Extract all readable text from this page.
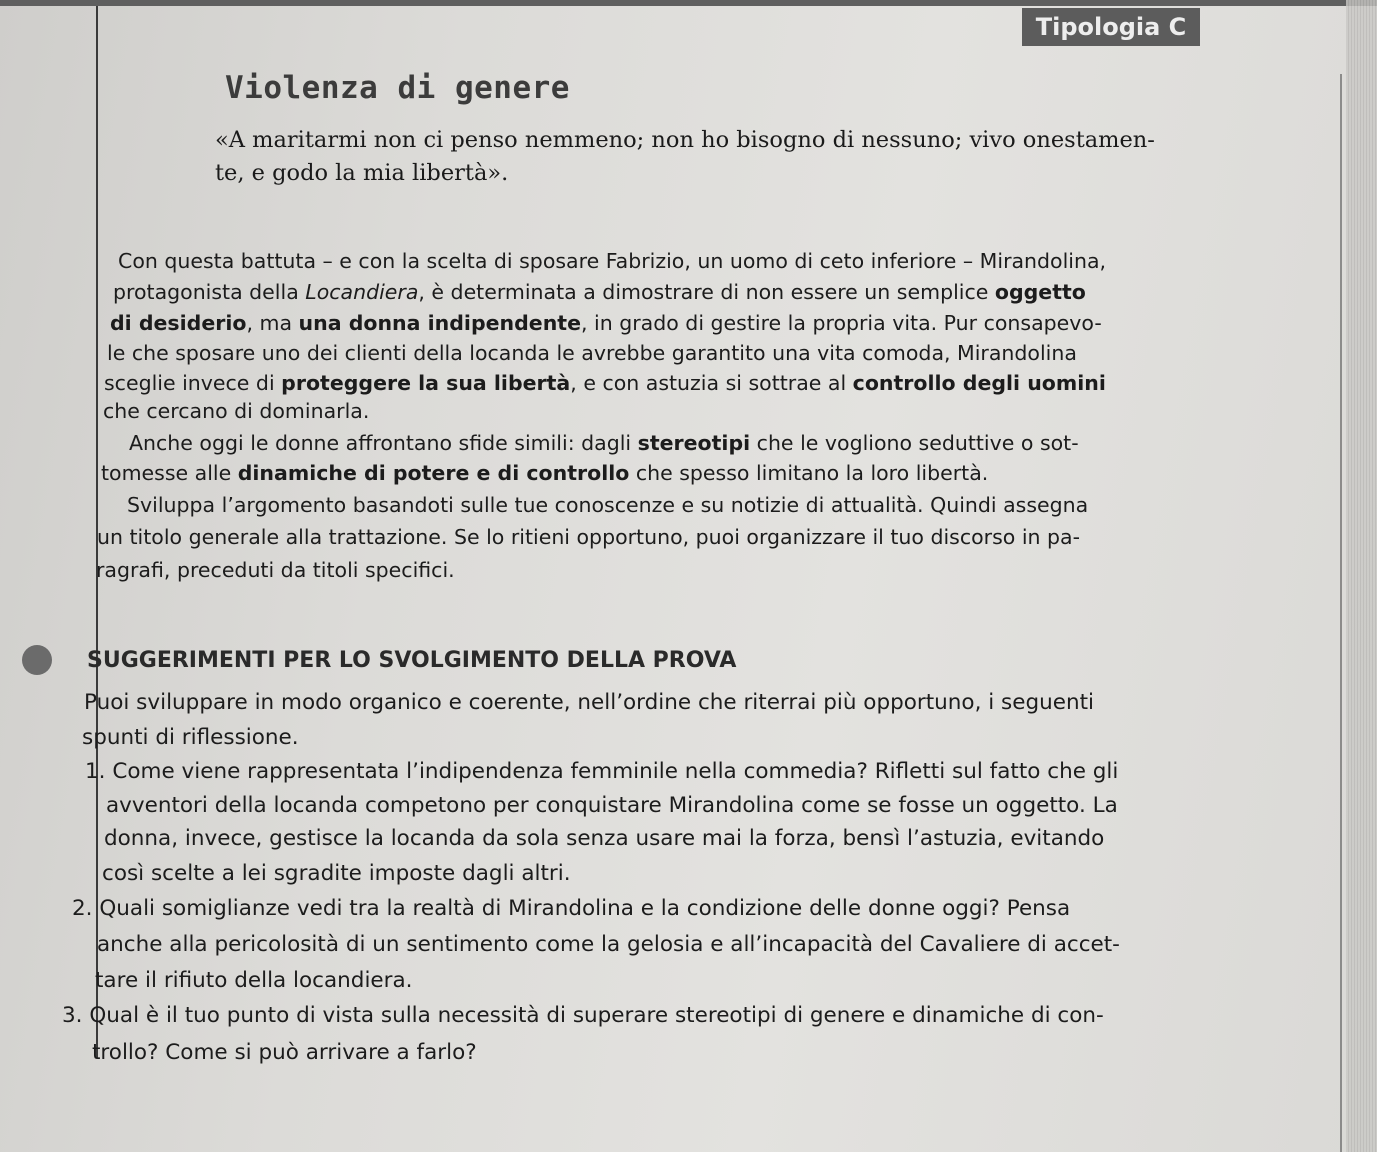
Tipologia C
Violenza di genere
«A maritarmi non ci penso nemmeno; non ho bisogno di nessuno; vivo onestamen-
te, e godo la mia libertà».
Con questa battuta – e con la scelta di sposare Fabrizio, un uomo di ceto inferiore – Mirandolina,
protagonista della Locandiera, è determinata a dimostrare di non essere un semplice oggetto
di desiderio, ma una donna indipendente, in grado di gestire la propria vita. Pur consapevo-
le che sposare uno dei clienti della locanda le avrebbe garantito una vita comoda, Mirandolina
sceglie invece di proteggere la sua libertà, e con astuzia si sottrae al controllo degli uomini
che cercano di dominarla.
Anche oggi le donne affrontano sfide simili: dagli stereotipi che le vogliono seduttive o sot-
tomesse alle dinamiche di potere e di controllo che spesso limitano la loro libertà.
Sviluppa l’argomento basandoti sulle tue conoscenze e su notizie di attualità. Quindi assegna
un titolo generale alla trattazione. Se lo ritieni opportuno, puoi organizzare il tuo discorso in pa-
ragrafi, preceduti da titoli specifici.
SUGGERIMENTI PER LO SVOLGIMENTO DELLA PROVA
Puoi sviluppare in modo organico e coerente, nell’ordine che riterrai più opportuno, i seguenti
spunti di riflessione.
1. Come viene rappresentata l’indipendenza femminile nella commedia? Rifletti sul fatto che gli
avventori della locanda competono per conquistare Mirandolina come se fosse un oggetto. La
donna, invece, gestisce la locanda da sola senza usare mai la forza, bensì l’astuzia, evitando
così scelte a lei sgradite imposte dagli altri.
2. Quali somiglianze vedi tra la realtà di Mirandolina e la condizione delle donne oggi? Pensa
anche alla pericolosità di un sentimento come la gelosia e all’incapacità del Cavaliere di accet-
tare il rifiuto della locandiera.
3. Qual è il tuo punto di vista sulla necessità di superare stereotipi di genere e dinamiche di con-
trollo? Come si può arrivare a farlo?
